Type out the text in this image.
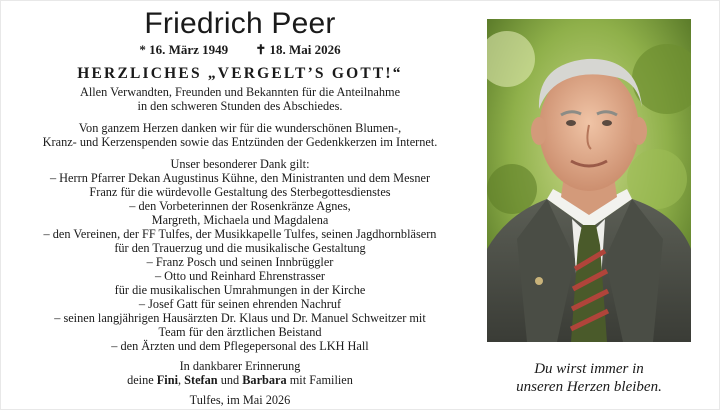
Friedrich Peer
* 16. März 1949 ✝ 18. Mai 2026
HERZLICHES „VERGELT’S GOTT!“
Allen Verwandten, Freunden und Bekannten für die Anteilnahme
in den schweren Stunden des Abschiedes.
Von ganzem Herzen danken wir für die wunderschönen Blumen-,
Kranz- und Kerzenspenden sowie das Entzünden der Gedenkkerzen im Internet.
Unser besonderer Dank gilt:
– Herrn Pfarrer Dekan Augustinus Kühne, den Ministranten und dem Mesner
Franz für die würdevolle Gestaltung des Sterbegottesdienstes
– den Vorbeterinnen der Rosenkränze Agnes,
Margreth, Michaela und Magdalena
– den Vereinen, der FF Tulfes, der Musikkapelle Tulfes, seinen Jagdhornbläsern
für den Trauerzug und die musikalische Gestaltung
– Franz Posch und seinen Innbrüggler
– Otto und Reinhard Ehrenstrasser
für die musikalischen Umrahmungen in der Kirche
– Josef Gatt für seinen ehrenden Nachruf
– seinen langjährigen Hausärzten Dr. Klaus und Dr. Manuel Schweitzer mit
Team für den ärztlichen Beistand
– den Ärzten und dem Pflegepersonal des LKH Hall
In dankbarer Erinnerung
deine Fini, Stefan und Barbara mit Familien
Tulfes, im Mai 2026
Du wirst immer in
unseren Herzen bleiben.
